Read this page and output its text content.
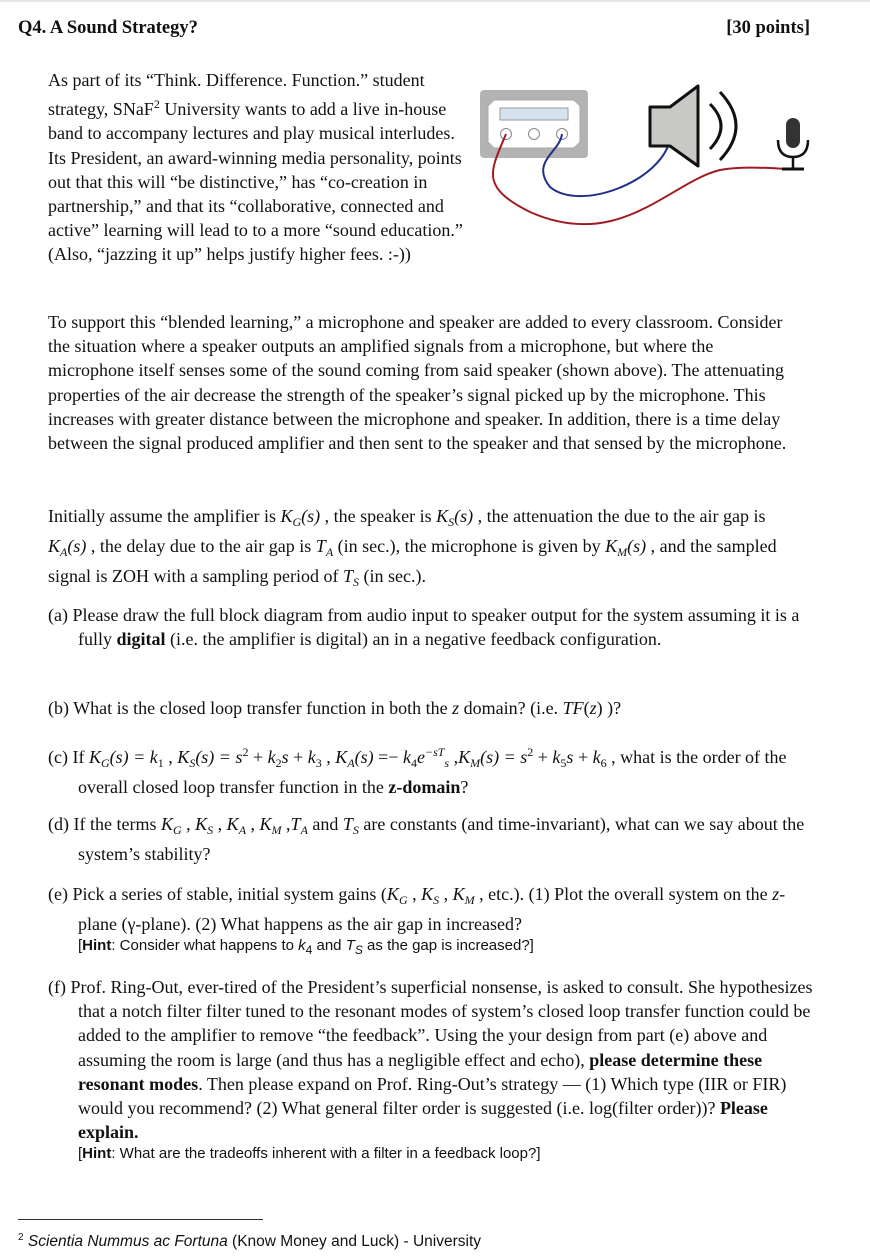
Q4. A Sound Strategy?	[30 points]
As part of its “Think. Difference. Function.” student strategy, SNaF$^2$ University wants to add a live in-house band to accompany lectures and play musical interludes. Its President, an award-winning media personality, points out that this will “be distinctive,” has “co-creation in partnership,” and that its “collaborative, connected and active” learning will lead to to a more “sound education.” (Also, “jazzing it up” helps justify higher fees. :-))
To support this “blended learning,” a microphone and speaker are added to every classroom. Consider the situation where a speaker outputs an amplified signals from a microphone, but where the microphone itself senses some of the sound coming from said speaker (shown above). The attenuating properties of the air decrease the strength of the speaker’s signal picked up by the microphone. This increases with greater distance between the microphone and speaker. In addition, there is a time delay between the signal produced amplifier and then sent to the speaker and that sensed by the microphone.
Initially assume the amplifier is $K_G(s)$ , the speaker is $K_S(s)$ , the attenuation the due to the air gap is $K_A(s)$ , the delay due to the air gap is $T_A$ (in sec.), the microphone is given by $K_M(s)$ , and the sampled signal is ZOH with a sampling period of $T_S$ (in sec.).
(a) Please draw the full block diagram from audio input to speaker output for the system assuming it is a fully digital (i.e. the amplifier is digital) an in a negative feedback configuration.
(b) What is the closed loop transfer function in both the z domain? (i.e. TF(z) )?
(c) If $K_G(s) = k_1$ , $K_S(s) = s^2 + k_2s + k_3$ , $K_A(s) =- k_4e^{-sT}_s$ $,K_M(s) = s^2 + k_5s + k_6$ , what is the order of the overall closed loop transfer function in the z-domain?
(d) If the terms $K_G$ , $K_S$ , $K_A$ , $K_M$ $,T_A$ and $T_S$ are constants (and time-invariant), what can we say about the system’s stability?
(e) Pick a series of stable, initial system gains ($K_G$ , $K_S$ , $K_M$ , etc.). (1) Plot the overall system on the z-plane (γ-plane). (2) What happens as the air gap in increased?
[Hint: Consider what happens to $k_4$ and $T_S$ as the gap is increased?]
(f) Prof. Ring-Out, ever-tired of the President’s superficial nonsense, is asked to consult. She hypothesizes that a notch filter filter tuned to the resonant modes of system’s closed loop transfer function could be added to the amplifier to remove “the feedback”. Using the your design from part (e) above and assuming the room is large (and thus has a negligible effect and echo), please determine these resonant modes. Then please expand on Prof. Ring-Out’s strategy — (1) Which type (IIR or FIR) would you recommend? (2) What general filter order is suggested (i.e. log(filter order))? Please explain.
[Hint: What are the tradeoffs inherent with a filter in a feedback loop?]
$^2$ Scientia Nummus ac Fortuna (Know Money and Luck) - University
